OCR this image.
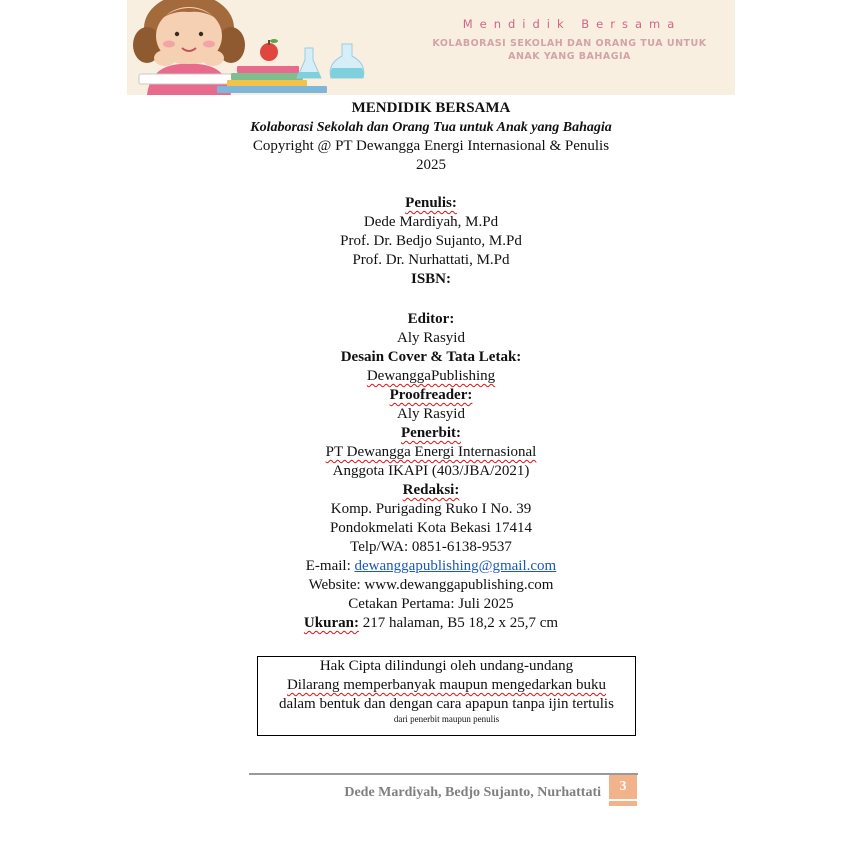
Mendidik Bersama
KOLABORASI SEKOLAH DAN ORANG TUA UNTUK
ANAK YANG BAHAGIA
MENDIDIK BERSAMA
Kolaborasi Sekolah dan Orang Tua untuk Anak yang Bahagia
Copyright @ PT Dewangga Energi Internasional & Penulis
2025
Penulis:
Dede Mardiyah, M.Pd
Prof. Dr. Bedjo Sujanto, M.Pd
Prof. Dr. Nurhattati, M.Pd
ISBN:
Editor:
Aly Rasyid
Desain Cover & Tata Letak:
DewanggaPublishing
Proofreader:
Aly Rasyid
Penerbit:
PT Dewangga Energi Internasional
Anggota IKAPI (403/JBA/2021)
Redaksi:
Komp. Purigading Ruko I No. 39
Pondokmelati Kota Bekasi 17414
Telp/WA: 0851-6138-9537
E-mail: dewanggapublishing@gmail.com
Website: www.dewanggapublishing.com
Cetakan Pertama: Juli 2025
Ukuran: 217 halaman, B5 18,2 x 25,7 cm
Hak Cipta dilindungi oleh undang-undang
Dilarang memperbanyak maupun mengedarkan buku
dalam bentuk dan dengan cara apapun tanpa ijin tertulis
dari penerbit maupun penulis
Dede Mardiyah, Bedjo Sujanto, Nurhattati	3
